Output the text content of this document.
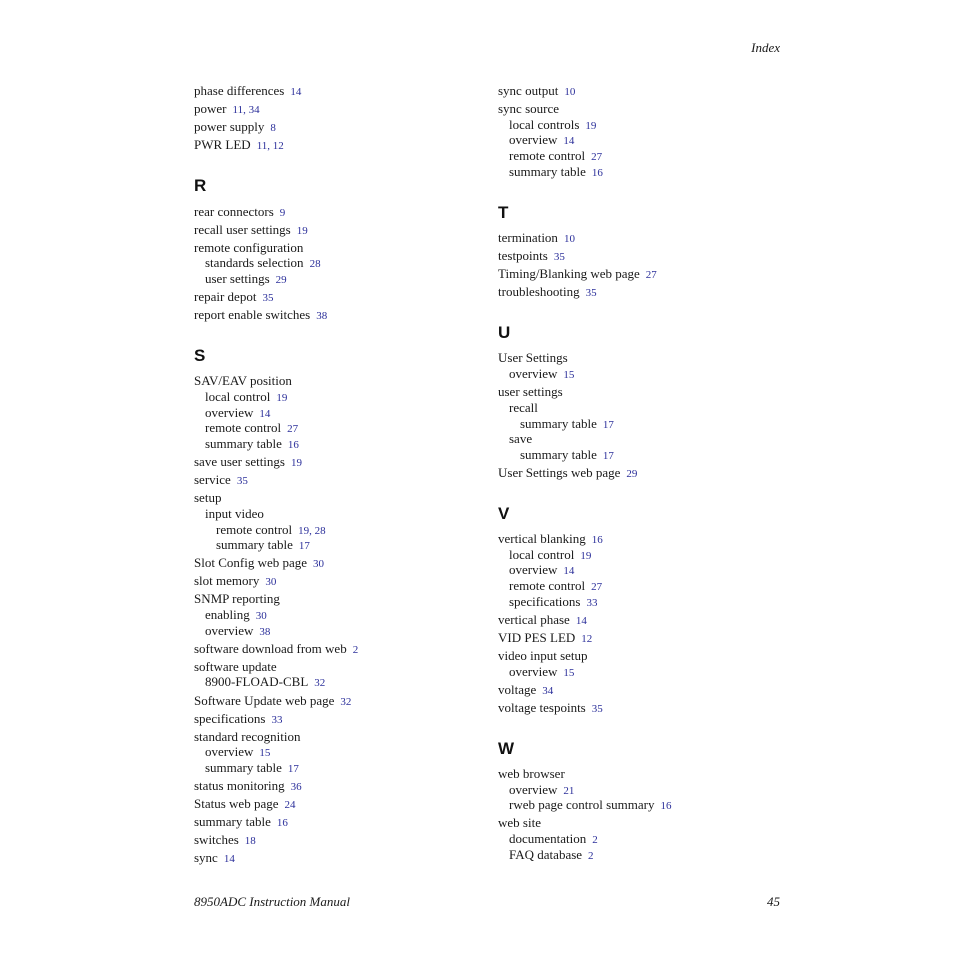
Index
phase differences 14
power 11, 34
power supply 8
PWR LED 11, 12
R
rear connectors 9
recall user settings 19
remote configuration
standards selection 28
user settings 29
repair depot 35
report enable switches 38
S
SAV/EAV position
local control 19
overview 14
remote control 27
summary table 16
save user settings 19
service 35
setup
input video
remote control 19, 28
summary table 17
Slot Config web page 30
slot memory 30
SNMP reporting
enabling 30
overview 38
software download from web 2
software update
8900-FLOAD-CBL 32
Software Update web page 32
specifications 33
standard recognition
overview 15
summary table 17
status monitoring 36
Status web page 24
summary table 16
switches 18
sync 14
sync output 10
sync source
local controls 19
overview 14
remote control 27
summary table 16
T
termination 10
testpoints 35
Timing/Blanking web page 27
troubleshooting 35
U
User Settings
overview 15
user settings
recall
summary table 17
save
summary table 17
User Settings web page 29
V
vertical blanking 16
local control 19
overview 14
remote control 27
specifications 33
vertical phase 14
VID PES LED 12
video input setup
overview 15
voltage 34
voltage tespoints 35
W
web browser
overview 21
rweb page control summary 16
web site
documentation 2
FAQ database 2
8950ADC Instruction Manual	45
